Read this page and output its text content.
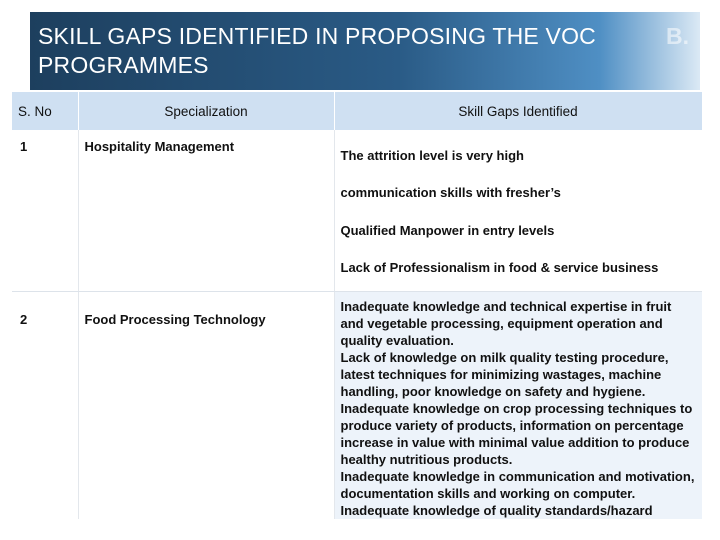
SKILL GAPS IDENTIFIED IN PROPOSING THE VOC PROGRAMMES
B.
S. No	Specialization	Skill Gaps Identified
1	Hospitality Management	The attrition level is very high
communication skills with fresher’s
Qualified Manpower in entry levels
Lack of Professionalism in food & service business

2	Food Processing Technology	Inadequate knowledge and technical expertise in fruit and vegetable processing, equipment operation and quality evaluation.
Lack of knowledge on milk quality testing procedure, latest techniques for minimizing wastages, machine handling, poor knowledge on safety and hygiene.
Inadequate knowledge on crop processing techniques to produce variety of products, information on percentage increase in value with minimal value addition to produce healthy nutritious products.
Inadequate knowledge in communication and motivation, documentation skills and working on computer.
Inadequate knowledge of quality standards/hazard
